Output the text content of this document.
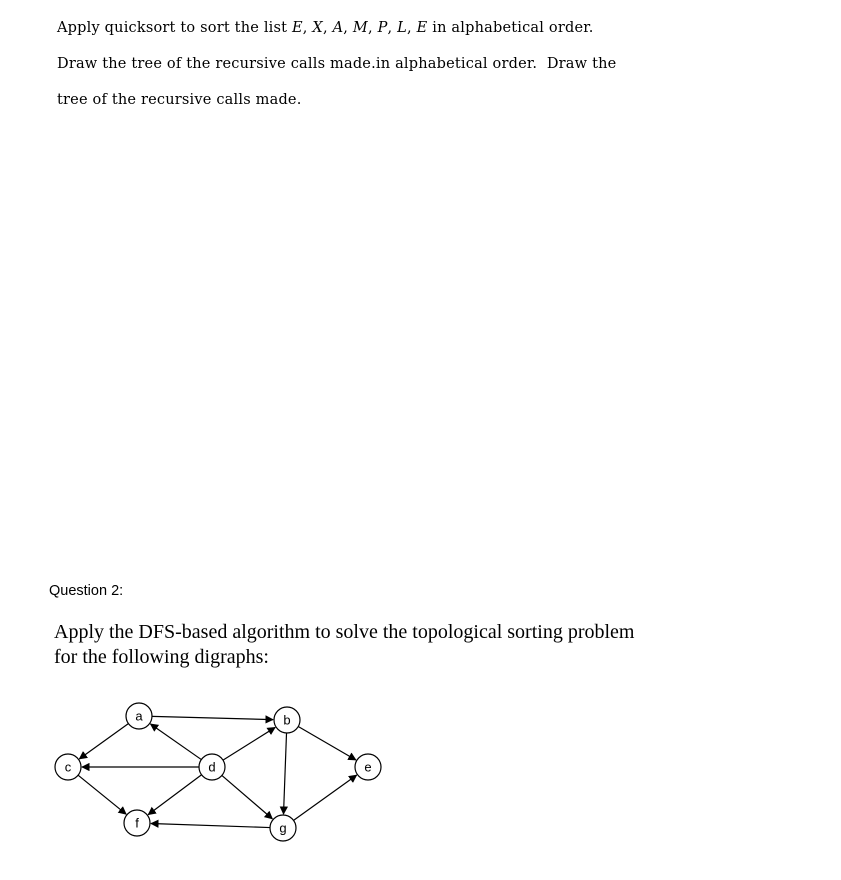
Apply quicksort to sort the list E, X, A, M, P, L, E in alphabetical order.

Draw the tree of the recursive calls made.in alphabetical order.  Draw the

tree of the recursive calls made.

Question 2:

Apply the DFS-based algorithm to solve the topological sorting problem

for the following digraphs:

a	b
c	d	e
f	g
